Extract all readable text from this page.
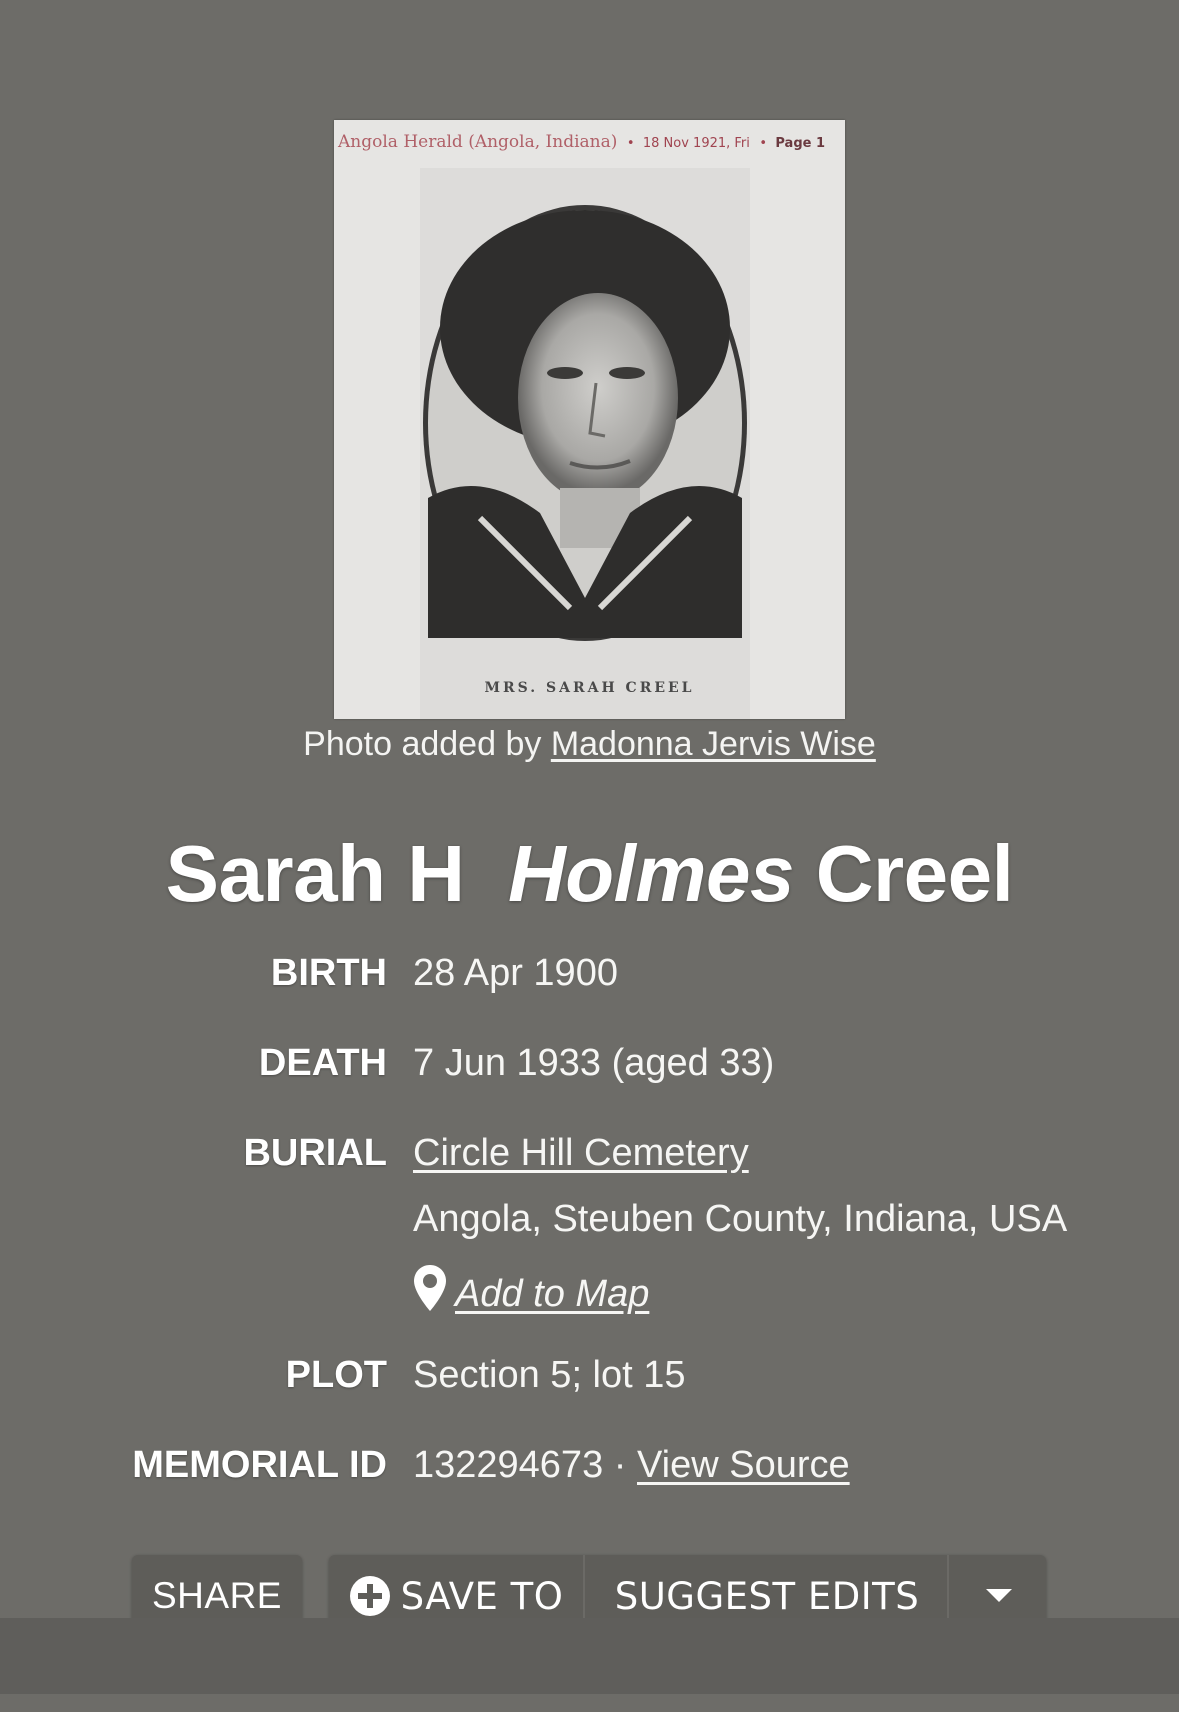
Angola Herald (Angola, Indiana)  •  18 Nov 1921, Fri  •  Page 1
MRS. SARAH CREEL
Photo added by Madonna Jervis Wise
Sarah H Holmes Creel
BIRTH 28 Apr 1900
DEATH 7 Jun 1933 (aged 33)
BURIAL Circle Hill Cemetery
Angola, Steuben County, Indiana, USA
Add to Map
PLOT Section 5; lot 15
MEMORIAL ID 132294673 · View Source
SHARE	SAVE TO SUGGEST EDITS
